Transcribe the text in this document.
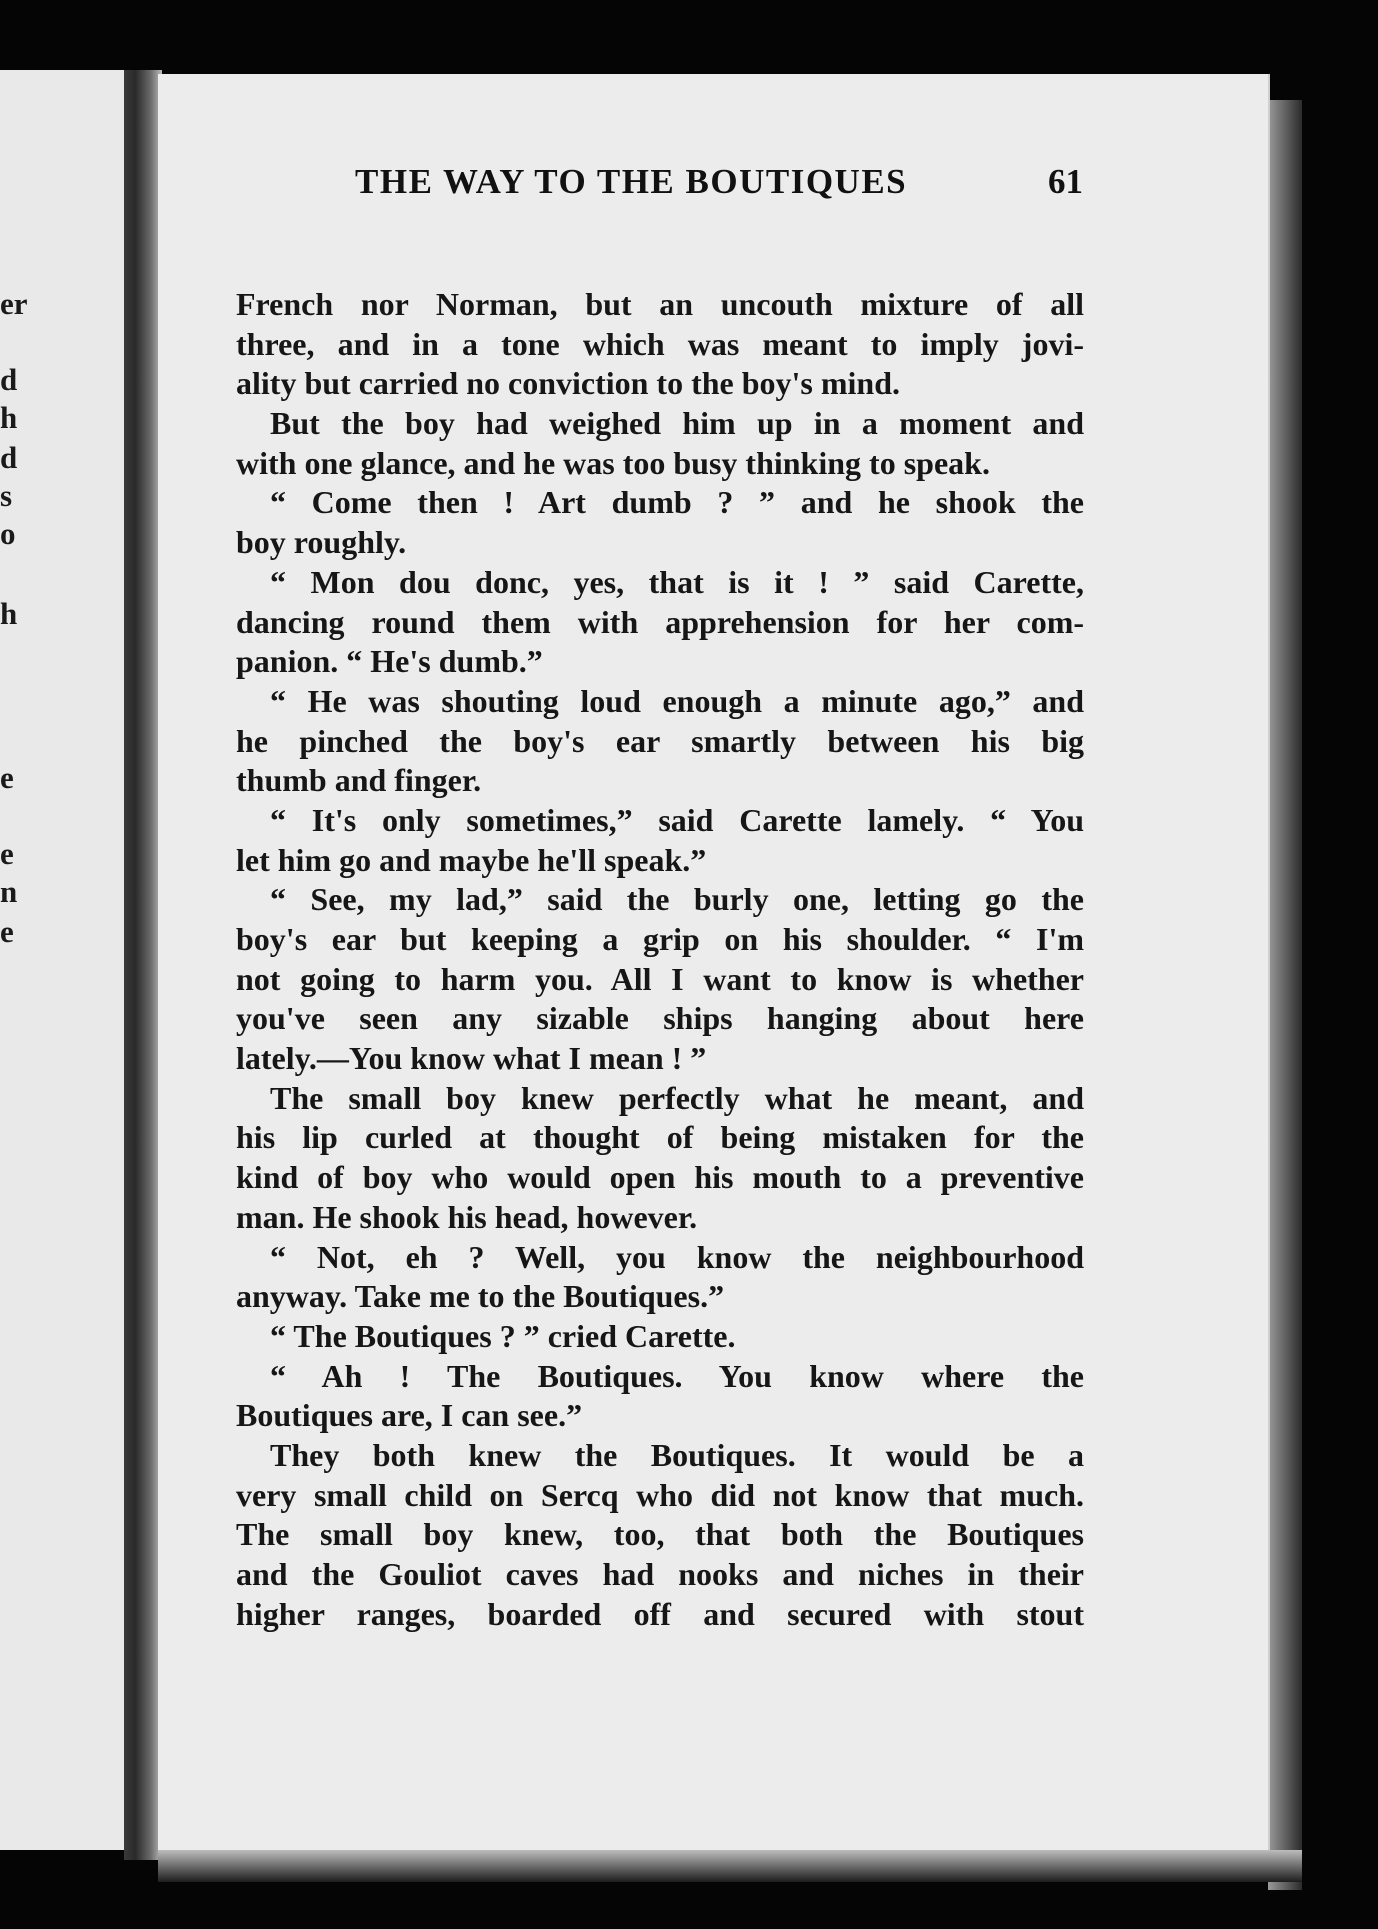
er
d
h
d
s
o
h
e
e
n
e
THE WAY TO THE BOUTIQUES	61
French nor Norman, but an uncouth mixture of all
three, and in a tone which was meant to imply jovi-
ality but carried no conviction to the boy's mind.
But the boy had weighed him up in a moment and
with one glance, and he was too busy thinking to speak.
“ Come then ! Art dumb ? ” and he shook the
boy roughly.
“ Mon dou donc, yes, that is it ! ” said Carette,
dancing round them with apprehension for her com-
panion. “ He's dumb.”
“ He was shouting loud enough a minute ago,” and
he pinched the boy's ear smartly between his big
thumb and finger.
“ It's only sometimes,” said Carette lamely. “ You
let him go and maybe he'll speak.”
“ See, my lad,” said the burly one, letting go the
boy's ear but keeping a grip on his shoulder. “ I'm
not going to harm you. All I want to know is whether
you've seen any sizable ships hanging about here
lately.—You know what I mean ! ”
The small boy knew perfectly what he meant, and
his lip curled at thought of being mistaken for the
kind of boy who would open his mouth to a preventive
man. He shook his head, however.
“ Not, eh ? Well, you know the neighbourhood
anyway. Take me to the Boutiques.”
“ The Boutiques ? ” cried Carette.
“ Ah ! The Boutiques. You know where the
Boutiques are, I can see.”
They both knew the Boutiques. It would be a
very small child on Sercq who did not know that much.
The small boy knew, too, that both the Boutiques
and the Gouliot caves had nooks and niches in their
higher ranges, boarded off and secured with stout
